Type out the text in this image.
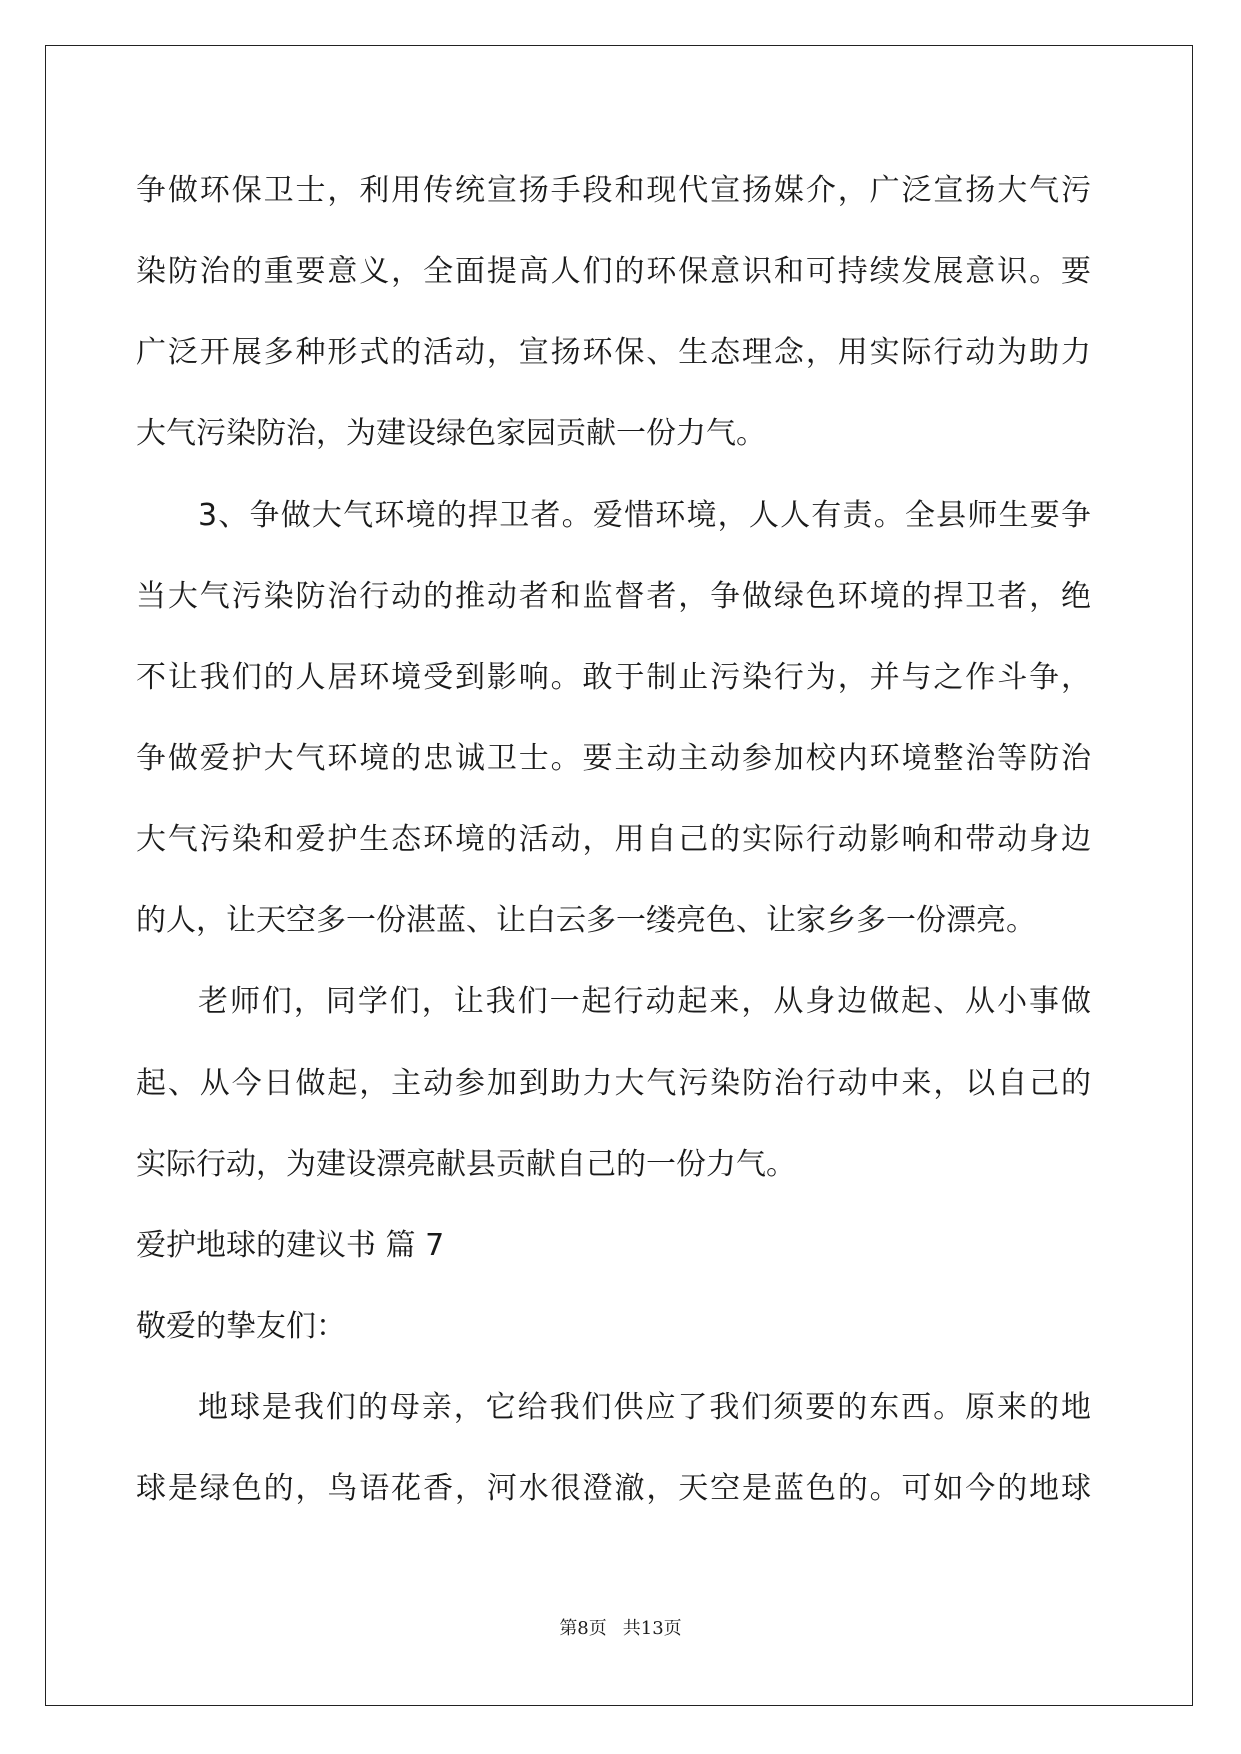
争做环保卫士，利用传统宣扬手段和现代宣扬媒介，广泛宣扬大气污
染防治的重要意义，全面提高人们的环保意识和可持续发展意识。要
广泛开展多种形式的活动，宣扬环保、生态理念，用实际行动为助力
大气污染防治，为建设绿色家园贡献一份力气。
3、争做大气环境的捍卫者。爱惜环境，人人有责。全县师生要争
当大气污染防治行动的推动者和监督者，争做绿色环境的捍卫者，绝
不让我们的人居环境受到影响。敢于制止污染行为，并与之作斗争，
争做爱护大气环境的忠诚卫士。要主动主动参加校内环境整治等防治
大气污染和爱护生态环境的活动，用自己的实际行动影响和带动身边
的人，让天空多一份湛蓝、让白云多一缕亮色、让家乡多一份漂亮。
老师们，同学们，让我们一起行动起来，从身边做起、从小事做
起、从今日做起，主动参加到助力大气污染防治行动中来，以自己的
实际行动，为建设漂亮献县贡献自己的一份力气。
爱护地球的建议书 篇 7
敬爱的挚友们：
地球是我们的母亲，它给我们供应了我们须要的东西。原来的地
球是绿色的，鸟语花香，河水很澄澈，天空是蓝色的。可如今的地球
第8页 共13页
